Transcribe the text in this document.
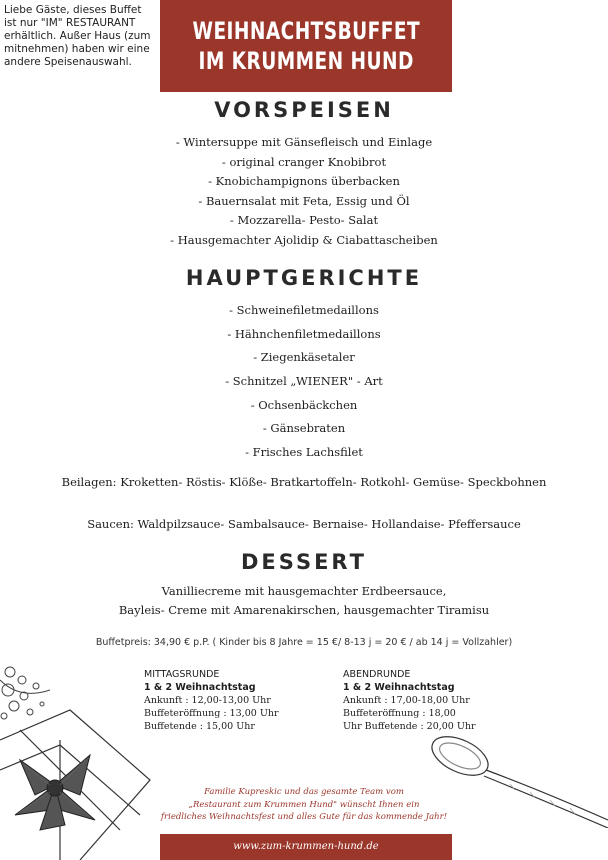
Liebe Gäste, dieses Buffet ist nur "IM" RESTAURANT erhältlich. Außer Haus (zum mitnehmen) haben wir eine andere Speisenauswahl.
WEIHNACHTSBUFFET
IM KRUMMEN HUND
VORSPEISEN
- Wintersuppe mit Gänsefleisch und Einlage
- original cranger Knobibrot
- Knobichampignons überbacken
- Bauernsalat mit Feta, Essig und Öl
- Mozzarella- Pesto- Salat
- Hausgemachter Ajolidip & Ciabattascheiben
HAUPTGERICHTE
- Schweinefiletmedaillons
- Hähnchenfiletmedaillons
- Ziegenkäsetaler
- Schnitzel „WIENER" - Art
- Ochsenbäckchen
- Gänsebraten
- Frisches Lachsfilet
Beilagen: Kroketten- Röstis- Klöße- Bratkartoffeln- Rotkohl- Gemüse- Speckbohnen
Saucen: Waldpilzsauce- Sambalsauce- Bernaise- Hollandaise- Pfeffersauce
DESSERT
Vanilliecreme mit hausgemachter Erdbeersauce,
Bayleis- Creme mit Amarenakirschen, hausgemachter Tiramisu
Buffetpreis: 34,90 € p.P. ( Kinder bis 8 Jahre = 15 €/ 8-13 j = 20 € / ab 14 j = Vollzahler)
MITTAGSRUNDE
1 & 2 Weihnachtstag
Ankunft : 12,00-13,00 Uhr
Buffeteröffnung : 13,00 Uhr
Buffetende : 15,00 Uhr
ABENDRUNDE
1 & 2 Weihnachtstag
Ankunft : 17,00-18,00 Uhr
Buffeteröffnung : 18,00
Uhr Buffetende : 20,00 Uhr
Familie Kupreskic und das gesamte Team vom
„Restaurant zum Krummen Hund" wünscht Ihnen ein
friedliches Weihnachtsfest und alles Gute für das kommende Jahr!
www.zum-krummen-hund.de
